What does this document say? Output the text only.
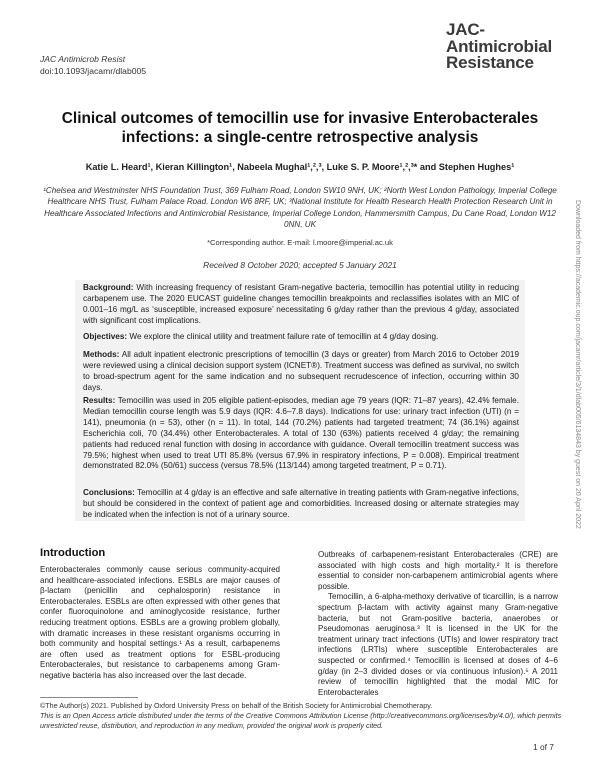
JAC Antimicrob Resist
doi:10.1093/jacamr/dlab005
JAC-
Antimicrobial
Resistance
Clinical outcomes of temocillin use for invasive Enterobacterales infections: a single-centre retrospective analysis
Katie L. Heard¹, Kieran Killington¹, Nabeela Mughal¹,²,³, Luke S. P. Moore¹,²,³* and Stephen Hughes¹
¹Chelsea and Westminster NHS Foundation Trust, 369 Fulham Road, London SW10 9NH, UK; ²North West London Pathology, Imperial College Healthcare NHS Trust, Fulham Palace Road. London W6 8RF, UK; ³National Institute for Health Research Health Protection Research Unit in Healthcare Associated Infections and Antimicrobial Resistance, Imperial College London, Hammersmith Campus, Du Cane Road, London W12 0NN, UK
*Corresponding author. E-mail: l.moore@imperial.ac.uk
Received 8 October 2020; accepted 5 January 2021
Background: With increasing frequency of resistant Gram-negative bacteria, temocillin has potential utility in reducing carbapenem use. The 2020 EUCAST guideline changes temocillin breakpoints and reclassifies isolates with an MIC of 0.001–16 mg/L as ‘susceptible, increased exposure’ necessitating 6 g/day rather than the previous 4 g/day, associated with significant cost implications.
Objectives: We explore the clinical utility and treatment failure rate of temocillin at 4 g/day dosing.
Methods: All adult inpatient electronic prescriptions of temocillin (3 days or greater) from March 2016 to October 2019 were reviewed using a clinical decision support system (ICNET®). Treatment success was defined as survival, no switch to broad-spectrum agent for the same indication and no subsequent recrudescence of infection, occurring within 30 days.
Results: Temocillin was used in 205 eligible patient-episodes, median age 79 years (IQR: 71–87 years), 42.4% female. Median temocillin course length was 5.9 days (IQR: 4.6–7.8 days). Indications for use: urinary tract infection (UTI) (n = 141), pneumonia (n = 53), other (n = 11). In total, 144 (70.2%) patients had targeted treatment; 74 (36.1%) against Escherichia coli, 70 (34.4%) other Enterobacterales. A total of 130 (63%) patients received 4 g/day; the remaining patients had reduced renal function with dosing in accordance with guidance. Overall temocillin treatment success was 79.5%; highest when used to treat UTI 85.8% (versus 67.9% in respiratory infections, P = 0.008). Empirical treatment demonstrated 82.0% (50/61) success (versus 78.5% (113/144) among targeted treatment, P = 0.71).
Conclusions: Temocillin at 4 g/day is an effective and safe alternative in treating patients with Gram-negative infections, but should be considered in the context of patient age and comorbidities. Increased dosing or alternate strategies may be indicated when the infection is not of a urinary source.	Downloaded from https://academic.oup.com/jacamr/article/3/1/dlab005/6134843 by guest on 20 April 2022
Introduction

Enterobacterales commonly cause serious community-acquired and healthcare-associated infections. ESBLs are major causes of β-lactam (penicillin and cephalosporin) resistance in Enterobacterales. ESBLs are often expressed with other genes that confer fluoroquinolone and aminoglycoside resistance, further reducing treatment options. ESBLs are a growing problem globally, with dramatic increases in these resistant organisms occurring in both community and hospital settings.¹ As a result, carbapenems are often used as treatment options for ESBL-producing Enterobacterales, but resistance to carbapenems among Gram-negative bacteria has also increased over the last decade.

Outbreaks of carbapenem-resistant Enterobacterales (CRE) are associated with high costs and high mortality.² It is therefore essential to consider non-carbapenem antimicrobial agents where possible.

Temocillin, a 6-alpha-methoxy derivative of ticarcillin, is a narrow spectrum β-lactam with activity against many Gram-negative bacteria, but not Gram-positive bacteria, anaerobes or Pseudomonas aeruginosa.³ It is licensed in the UK for the treatment urinary tract infections (UTIs) and lower respiratory tract infections (LRTIs) where susceptible Enterobacterales are suspected or confirmed.⁴ Temocillin is licensed at doses of 4–6 g/day (in 2–3 divided doses or via continuous infusion).⁵ A 2011 review of temocillin highlighted that the modal MIC for Enterobacterales

©The Author(s) 2021. Published by Oxford University Press on behalf of the British Society for Antimicrobial Chemotherapy.
This is an Open Access article distributed under the terms of the Creative Commons Attribution License (http://creativecommons.org/licenses/by/4.0/), which permits unrestricted reuse, distribution, and reproduction in any medium, provided the original work is properly cited.
1 of 7
